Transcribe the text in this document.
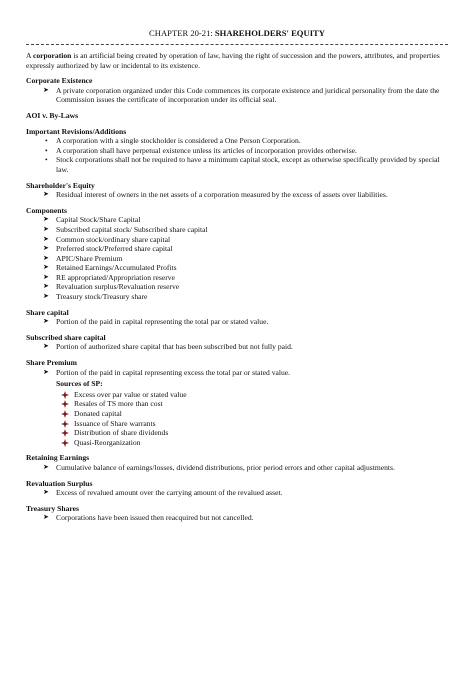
CHAPTER 20-21: SHAREHOLDERS' EQUITY

A corporation is an artificial being created by operation of law, having the right of succession and the powers, attributes, and properties expressly authorized by law or incidental to its existence.

Corporate Existence
➤ A private corporation organized under this Code commences its corporate existence and juridical personality from the date the Commission issues the certificate of incorporation under its official seal.
AOI v. By-Laws
Important Revisions/Additions
• A corporation with a single stockholder is considered a One Person Corporation.
• A corporation shall have perpetual existence unless its articles of incorporation provides otherwise.
• Stock corporations shall not be required to have a minimum capital stock, except as otherwise specifically provided by special law.
Shareholder's Equity
➤ Residual interest of owners in the net assets of a corporation measured by the excess of assets over liabilities.
Components
➤ Capital Stock/Share Capital
➤ Subscribed capital stock/ Subscribed share capital
➤ Common stock/ordinary share capital
➤ Preferred stock/Preferred share capital
➤ APIC/Share Premium
➤ Retained Earnings/Accumulated Profits
➤ RE appropriated/Appropriation reserve
➤ Revaluation surplus/Revaluation reserve
➤ Treasury stock/Treasury share
Share capital
➤ Portion of the paid in capital representing the total par or stated value.
Subscribed share capital
➤ Portion of authorized share capital that has been subscribed but not fully paid.
Share Premium
➤ Portion of the paid in capital representing excess the total par or stated value.
Sources of SP:
Excess over par value or stated value
Resales of TS more than cost
Donated capital
Issuance of Share warrants
Distribution of share dividends
Quasi-Reorganization
Retaining Earnings
➤ Cumulative balance of earnings/losses, dividend distributions, prior period errors and other capital adjustments.
Revaluation Surplus
➤ Excess of revalued amount over the carrying amount of the revalued asset.
Treasury Shares
➤ Corporations have been issued then reacquired but not cancelled.
